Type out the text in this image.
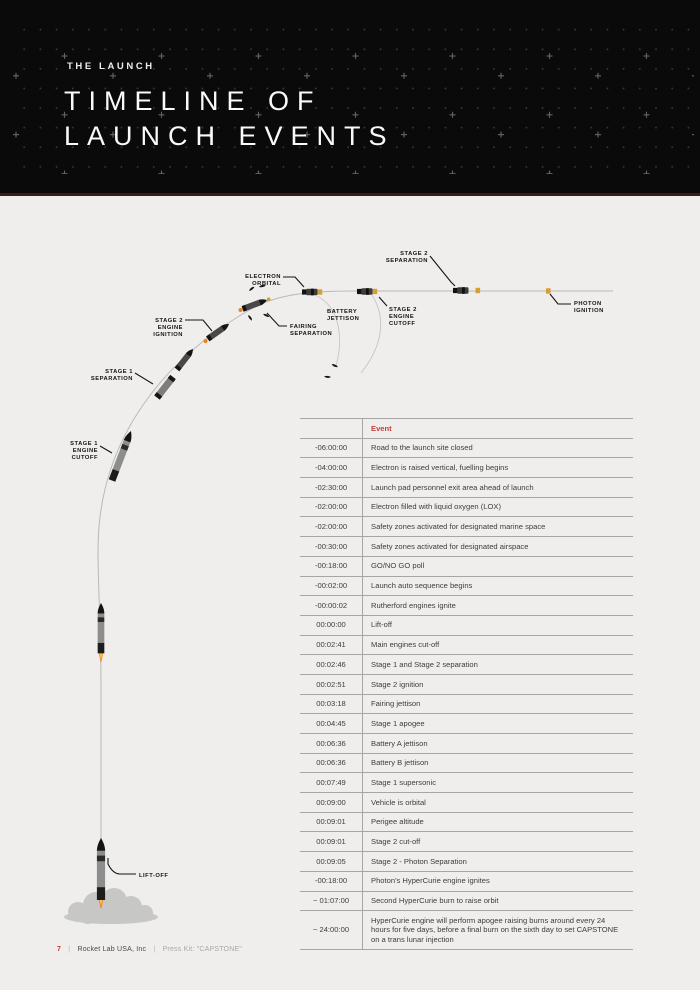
THE LAUNCH
TIMELINE OF
LAUNCH EVENTS
STAGE 2
SEPARATION
ELECTRON
ORBITAL
BATTERY
JETTISON
STAGE 2
ENGINE
CUTOFF
PHOTON
IGNITION
FAIRING
SEPARATION
STAGE 2
ENGINE
IGNITION
STAGE 1
SEPARATION
STAGE 1
ENGINE
CUTOFF
LIFT-OFF
	Event
-06:00:00	Road to the launch site closed
-04:00:00	Electron is raised vertical, fuelling begins
-02:30:00	Launch pad personnel exit area ahead of launch
-02:00:00	Electron filled with liquid oxygen (LOX)
-02:00:00	Safety zones activated for designated marine space
-00:30:00	Safety zones activated for designated airspace
-00:18:00	GO/NO GO poll
-00:02:00	Launch auto sequence begins
-00:00:02	Rutherford engines ignite
00:00:00	Lift-off
00:02:41	Main engines cut-off
00:02:46	Stage 1 and Stage 2 separation
00:02:51	Stage 2 ignition
00:03:18	Fairing jettison
00:04:45	Stage 1 apogee
00:06:36	Battery A jettison
00:06:36	Battery B jettison
00:07:49	Stage 1 supersonic
00:09:00	Vehicle is orbital
00:09:01	Perigee altitude
00:09:01	Stage 2 cut-off
00:09:05	Stage 2 - Photon Separation
-00:18:00	Photon's HyperCurie engine ignites
~ 01:07:00	Second HyperCurie burn to raise orbit
~ 24:00:00	HyperCurie engine will perform apogee raising burns around every 24 hours for five days, before a final burn on the sixth day to set CAPSTONE on a trans lunar injection
7 | Rocket Lab USA, Inc | Press Kit: "CAPSTONE"
